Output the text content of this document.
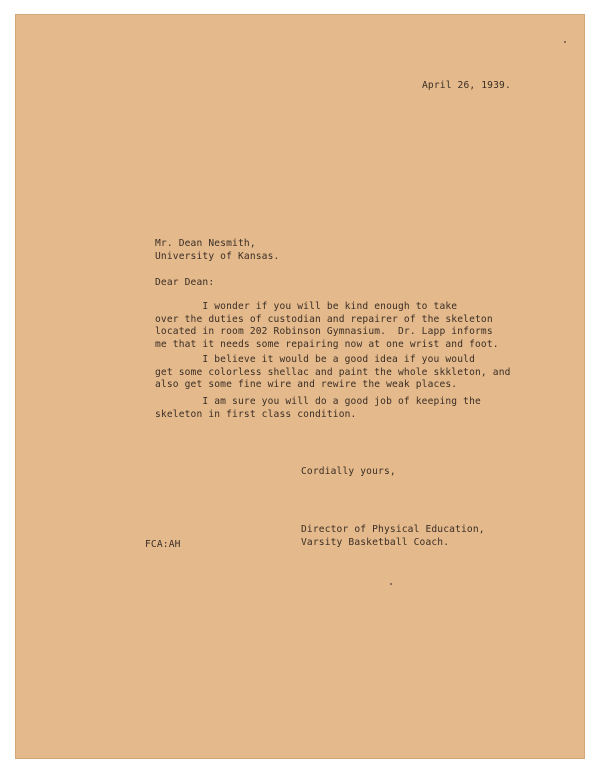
April 26, 1939.
Mr. Dean Nesmith,
University of Kansas.
Dear Dean:
I wonder if you will be kind enough to take
over the duties of custodian and repairer of the skeleton
located in room 202 Robinson Gymnasium.  Dr. Lapp informs
me that it needs some repairing now at one wrist and foot.
I believe it would be a good idea if you would
get some colorless shellac and paint the whole skkleton, and
also get some fine wire and rewire the weak places.
I am sure you will do a good job of keeping the
skeleton in first class condition.
Cordially yours,
Director of Physical Education,
Varsity Basketball Coach.
FCA:AH
